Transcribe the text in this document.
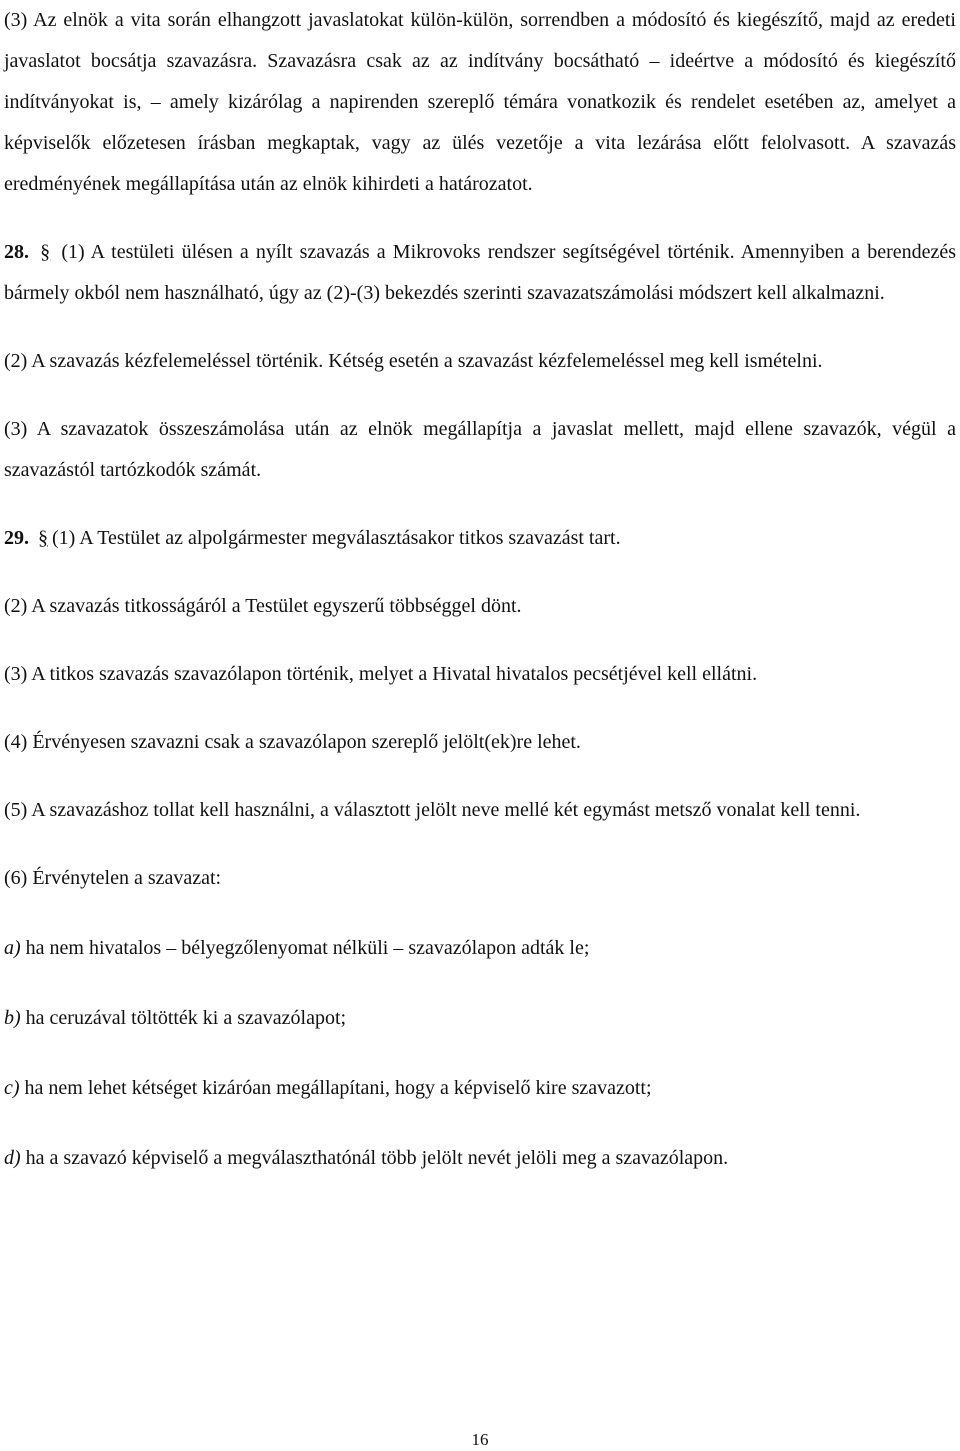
(3) Az elnök a vita során elhangzott javaslatokat külön-külön, sorrendben a módosító és kiegészítő, majd az eredeti javaslatot bocsátja szavazásra. Szavazásra csak az az indítvány bocsátható – ideértve a módosító és kiegészítő indítványokat is, – amely kizárólag a napirenden szereplő témára vonatkozik és rendelet esetében az, amelyet a képviselők előzetesen írásban megkaptak, vagy az ülés vezetője a vita lezárása előtt felolvasott. A szavazás eredményének megállapítása után az elnök kihirdeti a határozatot.

28. § (1) A testületi ülésen a nyílt szavazás a Mikrovoks rendszer segítségével történik. Amennyiben a berendezés bármely okból nem használható, úgy az (2)-(3) bekezdés szerinti szavazatszámolási módszert kell alkalmazni.

(2) A szavazás kézfelemeléssel történik. Kétség esetén a szavazást kézfelemeléssel meg kell ismételni.

(3) A szavazatok összeszámolása után az elnök megállapítja a javaslat mellett, majd ellene szavazók, végül a szavazástól tartózkodók számát.

29. § (1) A Testület az alpolgármester megválasztásakor titkos szavazást tart.

(2) A szavazás titkosságáról a Testület egyszerű többséggel dönt.

(3) A titkos szavazás szavazólapon történik, melyet a Hivatal hivatalos pecsétjével kell ellátni.

(4) Érvényesen szavazni csak a szavazólapon szereplő jelölt(ek)re lehet.

(5) A szavazáshoz tollat kell használni, a választott jelölt neve mellé két egymást metsző vonalat kell tenni.

(6) Érvénytelen a szavazat:

a) ha nem hivatalos – bélyegzőlenyomat nélküli – szavazólapon adták le;

b) ha ceruzával töltötték ki a szavazólapot;

c) ha nem lehet kétséget kizáróan megállapítani, hogy a képviselő kire szavazott;

d) ha a szavazó képviselő a megválaszthatónál több jelölt nevét jelöli meg a szavazólapon.

16
